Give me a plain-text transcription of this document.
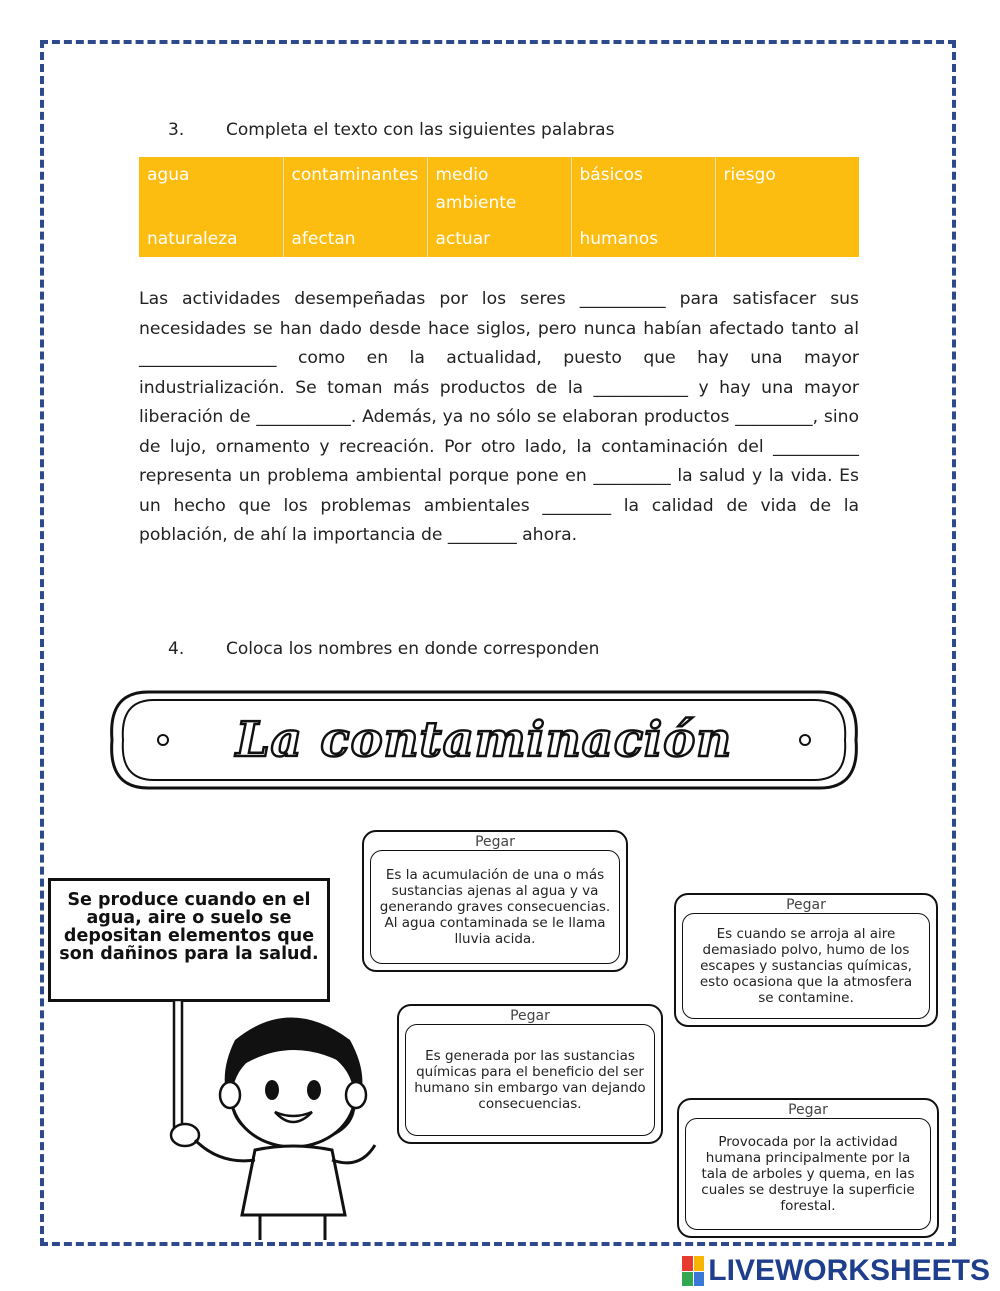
3. Completa el texto con las siguientes palabras
agua	contaminantes	medio ambiente	básicos	riesgo
naturaleza	afectan	actuar	humanos	
Las actividades desempeñadas por los seres __________ para satisfacer sus necesidades se han dado desde hace siglos, pero nunca habían afectado tanto al ________________ como en la actualidad, puesto que hay una mayor industrialización. Se toman más productos de la ___________ y hay una mayor liberación de ___________. Además, ya no sólo se elaboran productos _________, sino de lujo, ornamento y recreación. Por otro lado, la contaminación del __________ representa un problema ambiental porque pone en _________ la salud y la vida. Es un hecho que los problemas ambientales ________ la calidad de vida de la población, de ahí la importancia de ________ ahora.
4. Coloca los nombres en donde corresponden
La contaminación
Pegar
Es la acumulación de una o más sustancias ajenas al agua y va generando graves consecuencias. Al agua contaminada se le llama lluvia acida.
Pegar
Es cuando se arroja al aire demasiado polvo, humo de los escapes y sustancias químicas, esto ocasiona que la atmosfera se contamine.
Pegar
Es generada por las sustancias químicas para el beneficio del ser humano sin embargo van dejando consecuencias.	Pegar
Provocada por la actividad humana principalmente por la tala de arboles y quema, en las cuales se destruye la superficie forestal.
Se produce cuando en el agua, aire o suelo se depositan elementos que son dañinos para la salud.
LIVEWORKSHEETS
